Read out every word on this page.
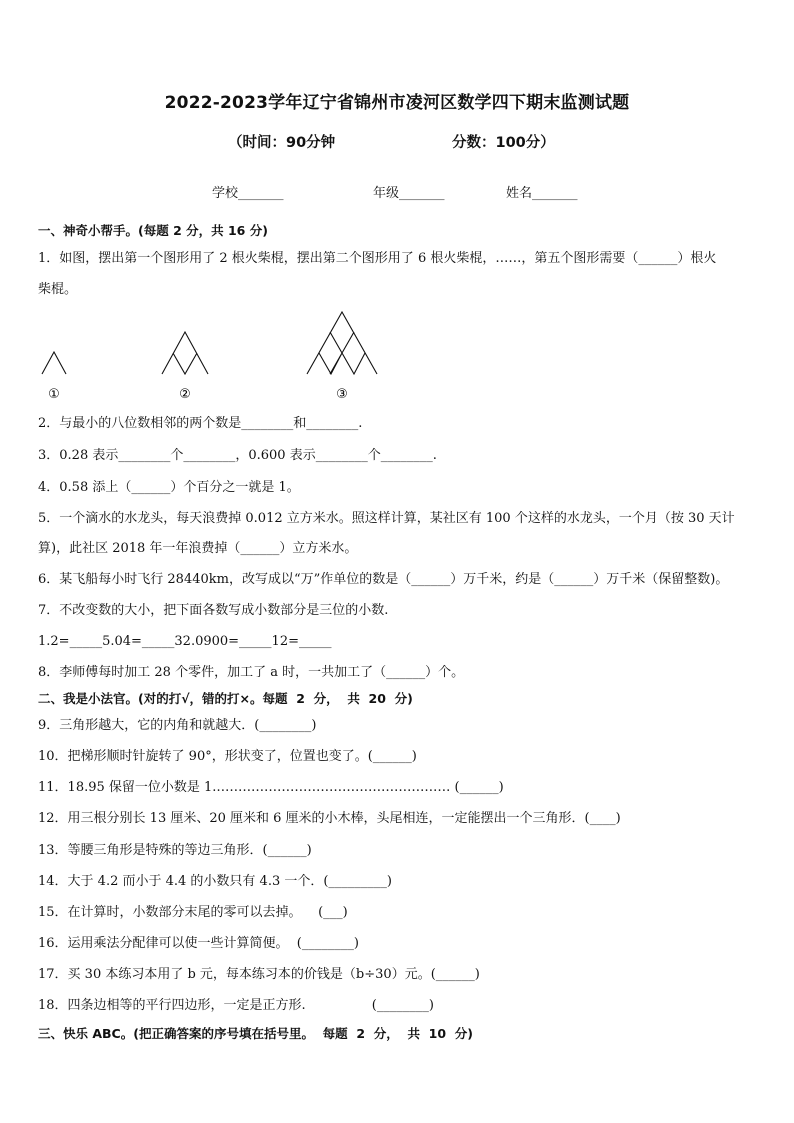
2022-2023学年辽宁省锦州市凌河区数学四下期末监测试题
（时间：90分钟	分数：100分）
学校_______	年级_______	姓名_______
一、神奇小帮手。(每题 2 分，共 16 分)
1．如图，摆出第一个图形用了 2 根火柴棍，摆出第二个图形用了 6 根火柴棍，……，第五个图形需要（______）根火
柴棍。
①	②	③
2．与最小的八位数相邻的两个数是________和________.
3．0.28 表示________个________，0.600 表示________个________.
4．0.58 添上（______）个百分之一就是 1。
5．一个滴水的水龙头，每天浪费掉 0.012 立方米水。照这样计算，某社区有 100 个这样的水龙头，一个月（按 30 天计
算)，此社区 2018 年一年浪费掉（______）立方米水。
6．某飞船每小时飞行 28440km，改写成以“万”作单位的数是（______）万千米，约是（______）万千米（保留整数)。
7．不改变数的大小，把下面各数写成小数部分是三位的小数.
1.2=_____5.04=_____32.0900=_____12=_____
8．李师傅每时加工 28 个零件，加工了 a 时，一共加工了（______）个。
二、我是小法官。(对的打√，错的打×。每题  2  分，  共  20  分)
9．三角形越大，它的内角和就越大．(________)
10．把梯形顺时针旋转了 90°，形状变了，位置也变了。(______)
11．18.95 保留一位小数是 1.……………………………………………… (______)
12．用三根分别长 13 厘米、20 厘米和 6 厘米的小木棒，头尾相连，一定能摆出一个三角形．(____)
13．等腰三角形是特殊的等边三角形．(______)
14．大于 4.2 而小于 4.4 的小数只有 4.3 一个．(_________)
15．在计算时，小数部分末尾的零可以去掉。    (___)
16．运用乘法分配律可以使一些计算简便。  (________)
17．买 30 本练习本用了 b 元，每本练习本的价钱是（b÷30）元。(______)
18．四条边相等的平行四边形，一定是正方形.                (________)
三、快乐 ABC。(把正确答案的序号填在括号里。  每题  2  分，  共  10  分)
